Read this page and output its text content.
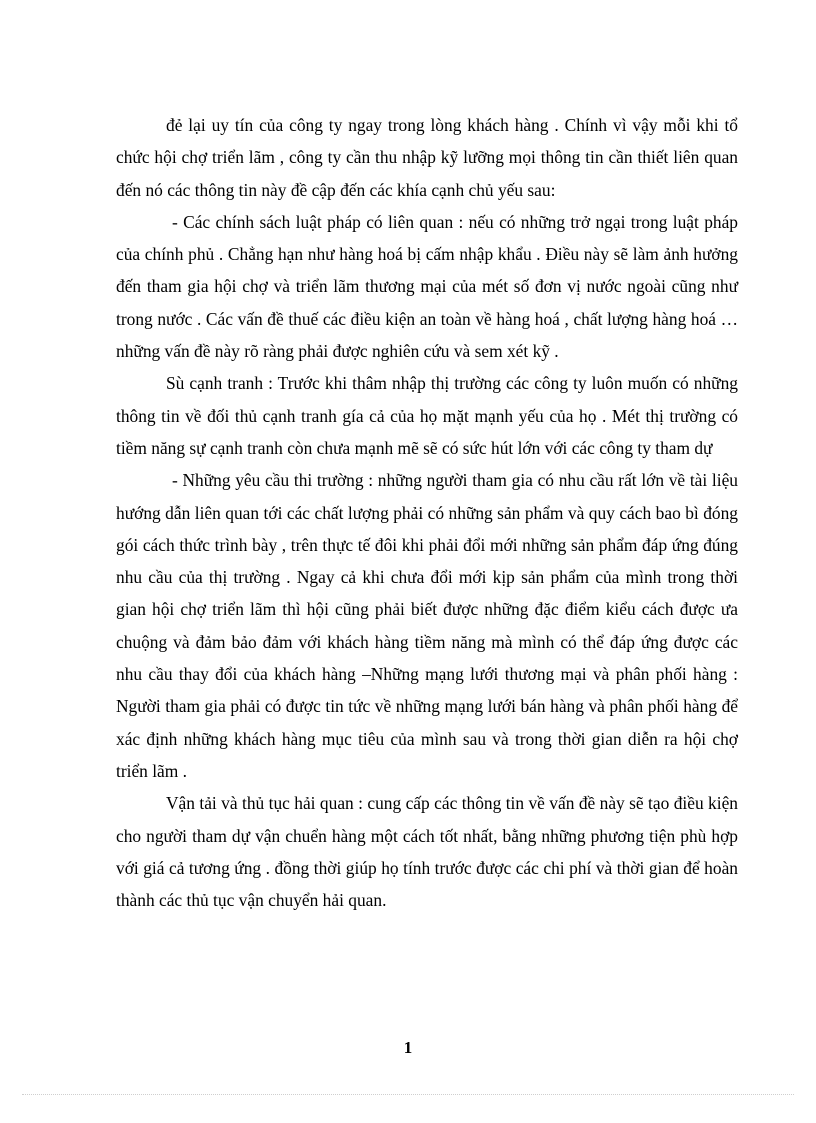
đẻ lại uy tín của công ty ngay trong lòng khách hàng . Chính vì vậy mỗi khi tổ chức hội chợ triển lãm , công ty cần thu nhập kỹ lưỡng mọi thông tin cần thiết liên quan đến nó các thông tin này đề cập đến các khía cạnh chủ yếu sau:

- Các chính sách luật pháp có liên quan : nếu có những trở ngại trong luật pháp của chính phủ . Chẳng hạn như hàng hoá bị cấm nhập khẩu . Điều này sẽ làm ảnh hưởng đến tham gia hội chợ và triển lãm thương mại của mét số đơn vị nước ngoài cũng như trong nước . Các vấn đề thuế các điều kiện an toàn về hàng hoá , chất lượng hàng hoá …những vấn đề này rõ ràng phải được nghiên cứu và sem xét kỹ .

Sù cạnh tranh : Trước khi thâm nhập thị trường các công ty luôn muốn có những thông tin về đối thủ cạnh tranh gía cả của họ mặt mạnh yếu của họ . Mét thị trường có tiềm năng sự cạnh tranh còn chưa mạnh mẽ sẽ có sức hút lớn với các công ty tham dự

- Những yêu cầu thi trường : những người tham gia có nhu cầu rất lớn về tài liệu hướng dẫn liên quan tới các chất lượng phải có những sản phẩm và quy cách bao bì đóng gói cách thức trình bày , trên thực tế đôi khi phải đổi mới những sản phẩm đáp ứng đúng nhu cầu của thị trường . Ngay cả khi chưa đổi mới kịp sản phẩm của mình trong thời gian hội chợ triển lãm thì hội cũng phải biết được những đặc điểm kiểu cách được ưa chuộng và đảm bảo đảm với khách hàng tiềm năng mà mình có thể đáp ứng được các nhu cầu thay đổi của khách hàng –Những mạng lưới thương mại và phân phối hàng : Người tham gia phải có được tin tức về những mạng lưới bán hàng và phân phối hàng để xác định những khách hàng mục tiêu của mình sau và trong thời gian diễn ra hội chợ triển lãm .

Vận tải và thủ tục hải quan : cung cấp các thông tin về vấn đề này sẽ tạo điều kiện cho người tham dự vận chuển hàng một cách tốt nhất, bằng những phương tiện phù hợp với giá cả tương ứng . đồng thời giúp họ tính trước được các chi phí và thời gian để hoàn thành các thủ tục vận chuyển hải quan.

1
